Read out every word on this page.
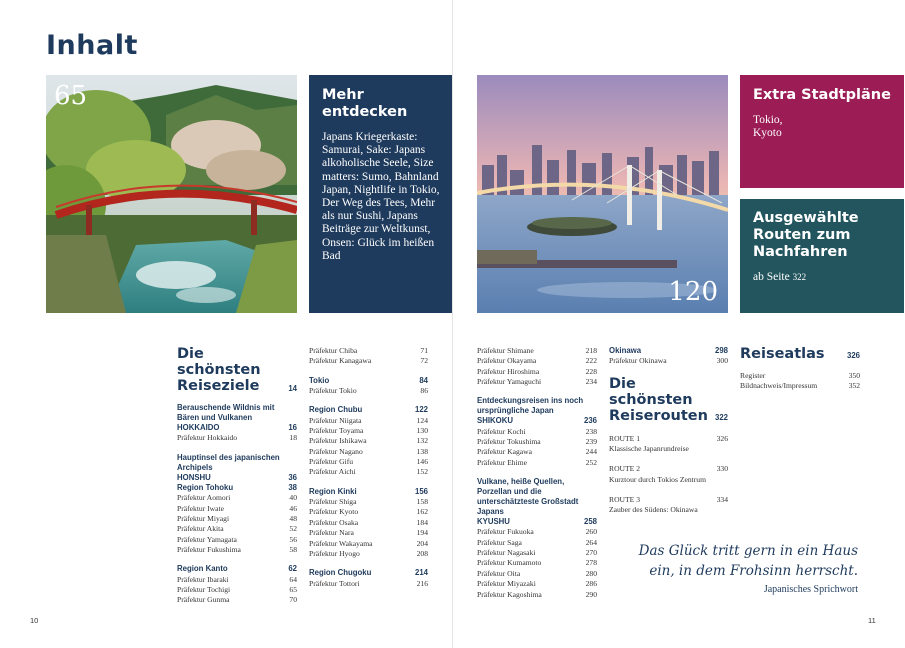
Inhalt
65	Mehr entdecken
Japans Kriegerkaste: Samurai, Sake: Japans alkoholische Seele, Size matters: Sumo, Bahnland Japan, Nightlife in Tokio, Der Weg des Tees, Mehr als nur Sushi, Japans Beiträge zur Weltkunst, Onsen: Glück im heißen Bad
120
Extra Stadtpläne
Tokio, Kyoto
Ausgewählte Routen zum Nachfahren
ab Seite 322
Die schönsten Reiseziele	14
Berauschende Wildnis mit Bären und Vulkanen
HOKKAIDO	16
Präfektur Hokkaido	18
Hauptinsel des japanischen Archipels
HONSHU	36
Region Tohoku	38
Präfektur Aomori	40
Präfektur Iwate	46
Präfektur Miyagi	48
Präfektur Akita	52
Präfektur Yamagata	56
Präfektur Fukushima	58
Region Kanto	62
Präfektur Ibaraki	64
Präfektur Tochigi	65
Präfektur Gunma	70
Präfektur Chiba	71
Präfektur Kanagawa	72
Tokio	84
Präfektur Tokio	86
Region Chubu	122
Präfektur Niigata	124
Präfektur Toyama	130
Präfektur Ishikawa	132
Präfektur Nagano	138
Präfektur Gifu	146
Präfektur Aichi	152
Region Kinki	156
Präfektur Shiga	158
Präfektur Kyoto	162
Präfektur Osaka	184
Präfektur Nara	194
Präfektur Wakayama	204
Präfektur Hyogo	208
Region Chugoku	214
Präfektur Tottori	216
Präfektur Shimane	218
Präfektur Okayama	222
Präfektur Hiroshima	228
Präfektur Yamaguchi	234
Entdeckungsreisen ins noch ursprüngliche Japan
SHIKOKU	236
Präfektur Kochi	238
Präfektur Tokushima	239
Präfektur Kagawa	244
Präfektur Ehime	252
Vulkane, heiße Quellen, Porzellan und die unterschätzteste Großstadt Japans
KYUSHU	258
Präfektur Fukuoka	260
Präfektur Saga	264
Präfektur Nagasaki	270
Präfektur Kumamoto	278
Präfektur Oita	280
Präfektur Miyazaki	286
Präfektur Kagoshima	290
Okinawa	298
Präfektur Okinawa	300
Die schönsten Reiserouten 322
ROUTE 1	326
Klassische Japanrundreise
ROUTE 2	330
Kurztour durch Tokios Zentrum
ROUTE 3	334
Zauber des Südens: Okinawa
Reiseatlas	326
Register	350
Bildnachweis/Impressum	352
Das Glück tritt gern in ein Haus ein, in dem Frohsinn herrscht.
Japanisches Sprichwort
10	11
